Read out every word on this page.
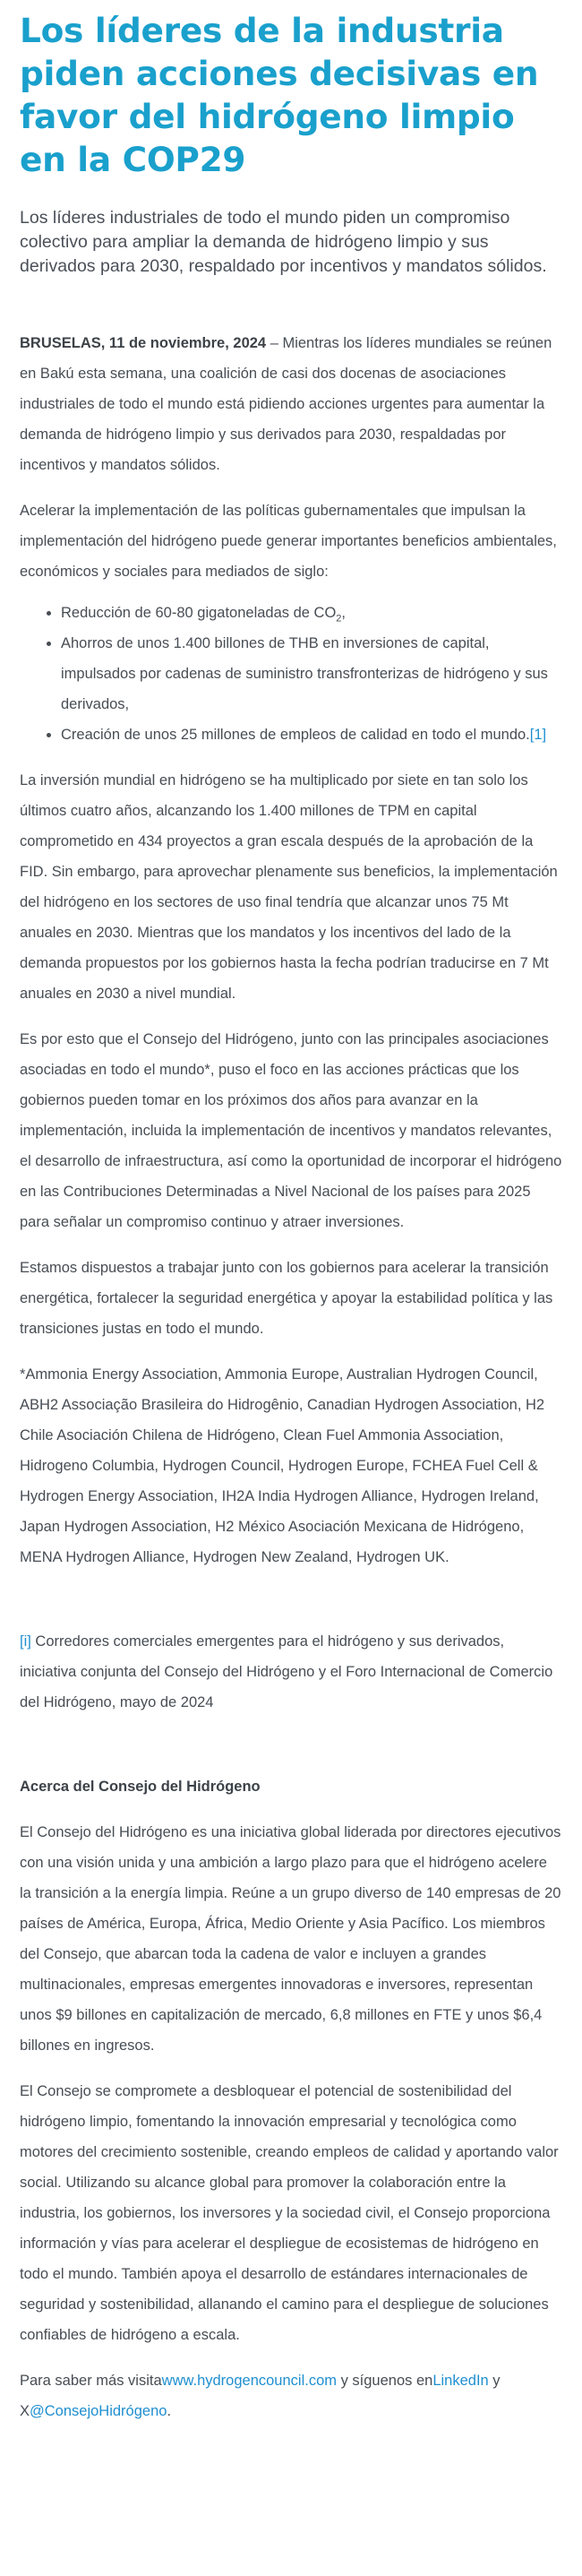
Los líderes de la industria piden acciones decisivas en favor del hidrógeno limpio en la COP29

Los líderes industriales de todo el mundo piden un compromiso colectivo para ampliar la demanda de hidrógeno limpio y sus derivados para 2030, respaldado por incentivos y mandatos sólidos.

BRUSELAS, 11 de noviembre, 2024 – Mientras los líderes mundiales se reúnen en Bakú esta semana, una coalición de casi dos docenas de asociaciones industriales de todo el mundo está pidiendo acciones urgentes para aumentar la demanda de hidrógeno limpio y sus derivados para 2030, respaldadas por incentivos y mandatos sólidos.

Acelerar la implementación de las políticas gubernamentales que impulsan la implementación del hidrógeno puede generar importantes beneficios ambientales, económicos y sociales para mediados de siglo:

• Reducción de 60-80 gigatoneladas de $CO_2$,
• Ahorros de unos 1.400 billones de THB en inversiones de capital, impulsados por cadenas de suministro transfronterizas de hidrógeno y sus derivados,
• Creación de unos 25 millones de empleos de calidad en todo el mundo.[1]

La inversión mundial en hidrógeno se ha multiplicado por siete en tan solo los últimos cuatro años, alcanzando los 1.400 millones de TPM en capital comprometido en 434 proyectos a gran escala después de la aprobación de la FID. Sin embargo, para aprovechar plenamente sus beneficios, la implementación del hidrógeno en los sectores de uso final tendría que alcanzar unos 75 Mt anuales en 2030. Mientras que los mandatos y los incentivos del lado de la demanda propuestos por los gobiernos hasta la fecha podrían traducirse en 7 Mt anuales en 2030 a nivel mundial.

Es por esto que el Consejo del Hidrógeno, junto con las principales asociaciones asociadas en todo el mundo*, puso el foco en las acciones prácticas que los gobiernos pueden tomar en los próximos dos años para avanzar en la implementación, incluida la implementación de incentivos y mandatos relevantes, el desarrollo de infraestructura, así como la oportunidad de incorporar el hidrógeno en las Contribuciones Determinadas a Nivel Nacional de los países para 2025 para señalar un compromiso continuo y atraer inversiones.

Estamos dispuestos a trabajar junto con los gobiernos para acelerar la transición energética, fortalecer la seguridad energética y apoyar la estabilidad política y las transiciones justas en todo el mundo.

*Ammonia Energy Association, Ammonia Europe, Australian Hydrogen Council, ABH2 Associação Brasileira do Hidrogênio, Canadian Hydrogen Association, H2 Chile Asociación Chilena de Hidrógeno, Clean Fuel Ammonia Association, Hidrogeno Columbia, Hydrogen Council, Hydrogen Europe, FCHEA Fuel Cell & Hydrogen Energy Association, IH2A India Hydrogen Alliance, Hydrogen Ireland, Japan Hydrogen Association, H2 México Asociación Mexicana de Hidrógeno, MENA Hydrogen Alliance, Hydrogen New Zealand, Hydrogen UK.

[i] Corredores comerciales emergentes para el hidrógeno y sus derivados, iniciativa conjunta del Consejo del Hidrógeno y el Foro Internacional de Comercio del Hidrógeno, mayo de 2024

Acerca del Consejo del Hidrógeno

El Consejo del Hidrógeno es una iniciativa global liderada por directores ejecutivos con una visión unida y una ambición a largo plazo para que el hidrógeno acelere la transición a la energía limpia. Reúne a un grupo diverso de 140 empresas de 20 países de América, Europa, África, Medio Oriente y Asia Pacífico. Los miembros del Consejo, que abarcan toda la cadena de valor e incluyen a grandes multinacionales, empresas emergentes innovadoras e inversores, representan unos $9 billones en capitalización de mercado, 6,8 millones en FTE y unos $6,4 billones en ingresos.

El Consejo se compromete a desbloquear el potencial de sostenibilidad del hidrógeno limpio, fomentando la innovación empresarial y tecnológica como motores del crecimiento sostenible, creando empleos de calidad y aportando valor social. Utilizando su alcance global para promover la colaboración entre la industria, los gobiernos, los inversores y la sociedad civil, el Consejo proporciona información y vías para acelerar el despliegue de ecosistemas de hidrógeno en todo el mundo. También apoya el desarrollo de estándares internacionales de seguridad y sostenibilidad, allanando el camino para el despliegue de soluciones confiables de hidrógeno a escala.

Para saber más visitawww.hydrogencouncil.com y síguenos enLinkedIn y X@ConsejoHidrógeno.
